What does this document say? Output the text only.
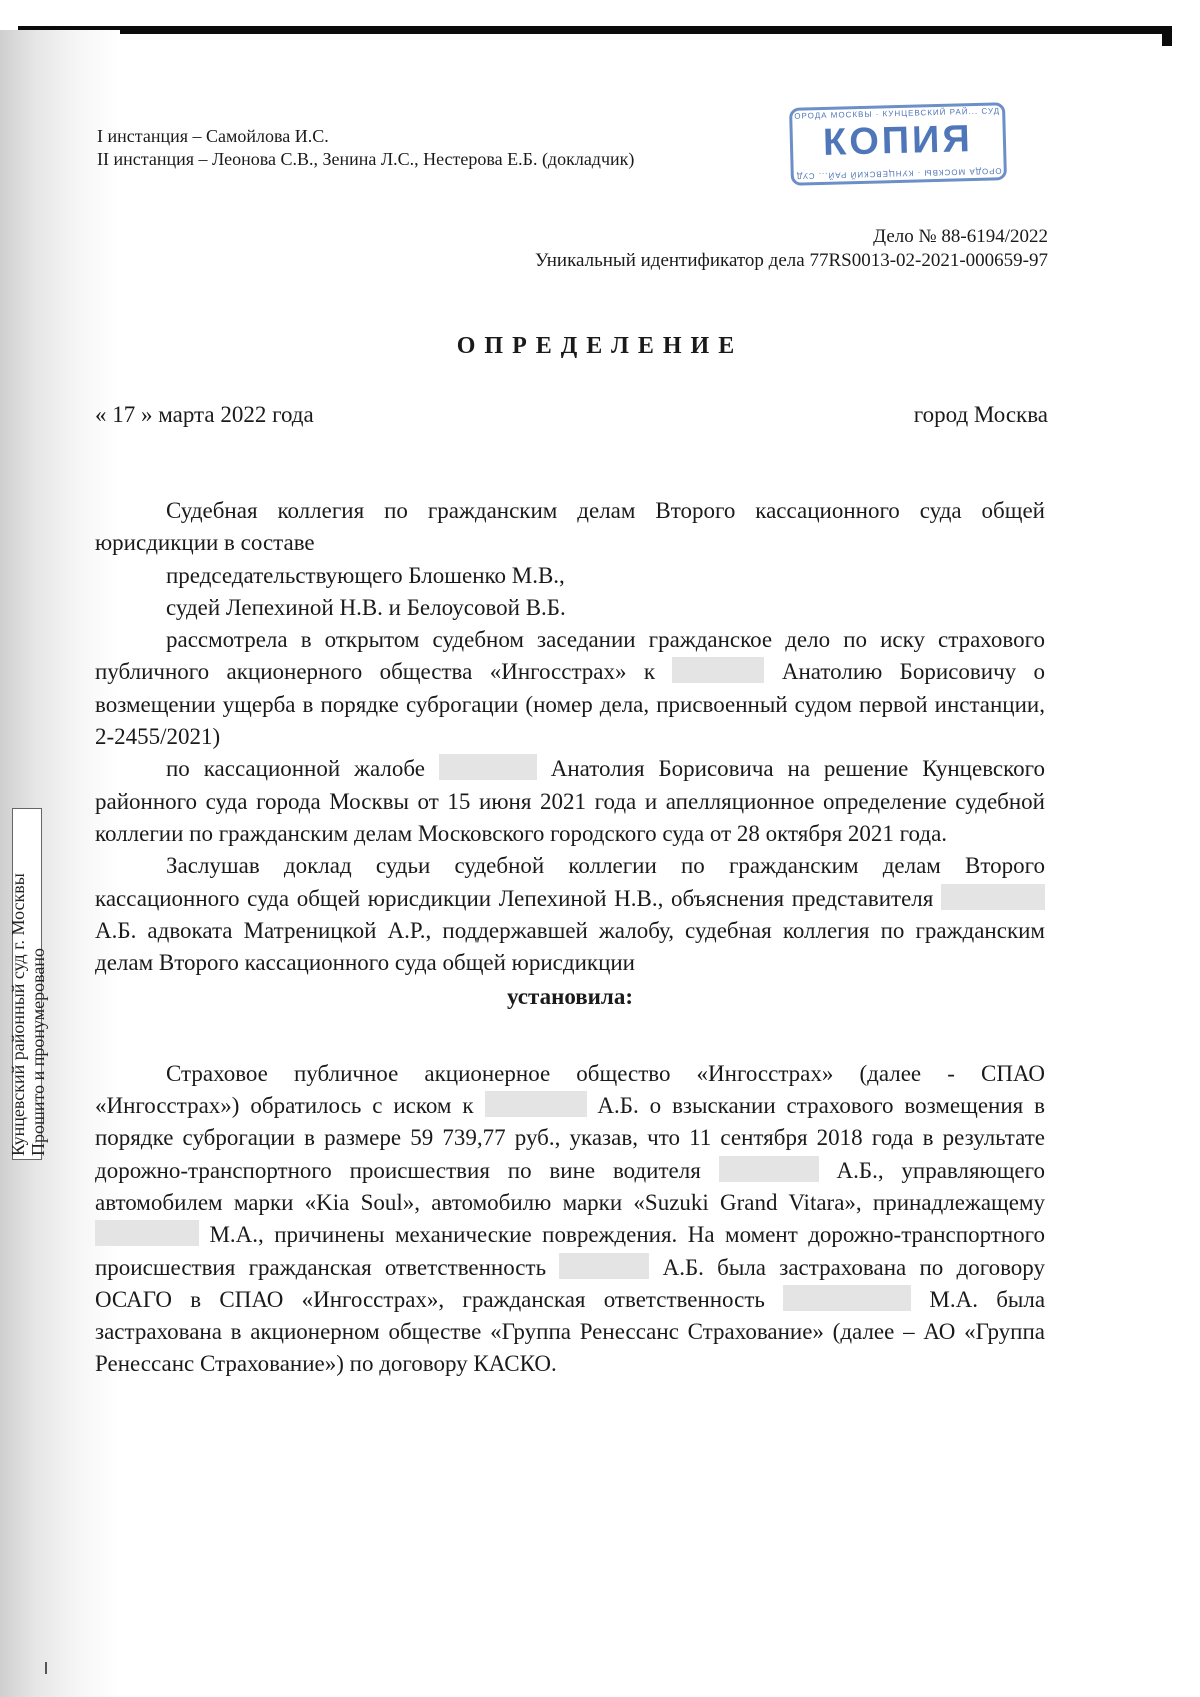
I инстанция – Самойлова И.С.
II инстанция – Леонова С.В., Зенина Л.С., Нестерова Е.Б. (докладчик)
ОРОДА МОСКВЫ · КУНЦЕВСКИЙ РАЙ... СУД
КОПИЯ
ОРОДА МОСКВЫ · КУНЦЕВСКИЙ РАЙ... СУД
Дело № 88-6194/2022
Уникальный идентификатор дела 77RS0013-02-2021-000659-97
ОПРЕДЕЛЕНИЕ
« 17 » марта 2022 года	город Москва

Судебная коллегия по гражданским делам Второго кассационного суда общей юрисдикции в составе

председательствующего Блошенко М.В.,

судей Лепехиной Н.В. и Белоусовой В.Б.

рассмотрела в открытом судебном заседании гражданское дело по иску страхового публичного акционерного общества «Ингосстрах» к	Анатолию Борисовичу о возмещении ущерба в порядке суброгации (номер дела, присвоенный судом первой инстанции, 2-2455/2021)

по кассационной жалобе	Анатолия Борисовича на решение Кунцевского районного суда города Москвы от 15 июня 2021 года и апелляционное определение судебной коллегии по гражданским делам Московского городского суда от 28 октября 2021 года.

Заслушав доклад судьи судебной коллегии по гражданским делам Второго кассационного суда общей юрисдикции Лепехиной Н.В., объяснения представителя  А.Б. адвоката Матреницкой А.Р., поддержавшей жалобу, судебная коллегия по гражданским делам Второго кассационного суда общей юрисдикции

установила:

Страховое публичное акционерное общество «Ингосстрах» (далее - СПАО «Ингосстрах») обратилось с иском к	А.Б. о взыскании страхового возмещения в порядке суброгации в размере 59 739,77 руб., указав, что 11 сентября 2018 года в результате дорожно-транспортного происшествия по вине водителя	А.Б., управляющего автомобилем марки «Kia Soul», автомобилю марки «Suzuki Grand Vitara», принадлежащему  М.А., причинены механические повреждения. На момент дорожно-транспортного происшествия гражданская ответственность	А.Б. была застрахована по договору ОСАГО в СПАО «Ингосстрах», гражданская ответственность	М.А. была застрахована в акционерном обществе «Группа Ренессанс Страхование» (далее – АО «Группа Ренессанс Страхование») по договору КАСКО.

Кунцевский районный суд г. Москвы Прошито и пронумеровано
